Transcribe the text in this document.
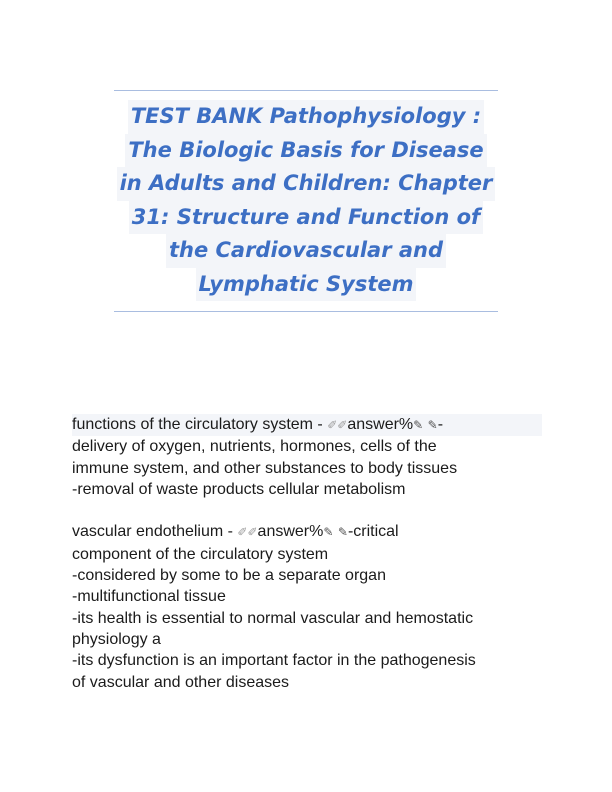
TEST BANK Pathophysiology :
The Biologic Basis for Disease
in Adults and Children: Chapter
31: Structure and Function of
the Cardiovascular and
Lymphatic System
functions of the circulatory system - ✐✐answer%✎ ✎-
delivery of oxygen, nutrients, hormones, cells of the
immune system, and other substances to body tissues
-removal of waste products cellular metabolism
vascular endothelium - ✐✐answer%✎ ✎-critical
component of the circulatory system
-considered by some to be a separate organ
-multifunctional tissue
-its health is essential to normal vascular and hemostatic
physiology a
-its dysfunction is an important factor in the pathogenesis
of vascular and other diseases
